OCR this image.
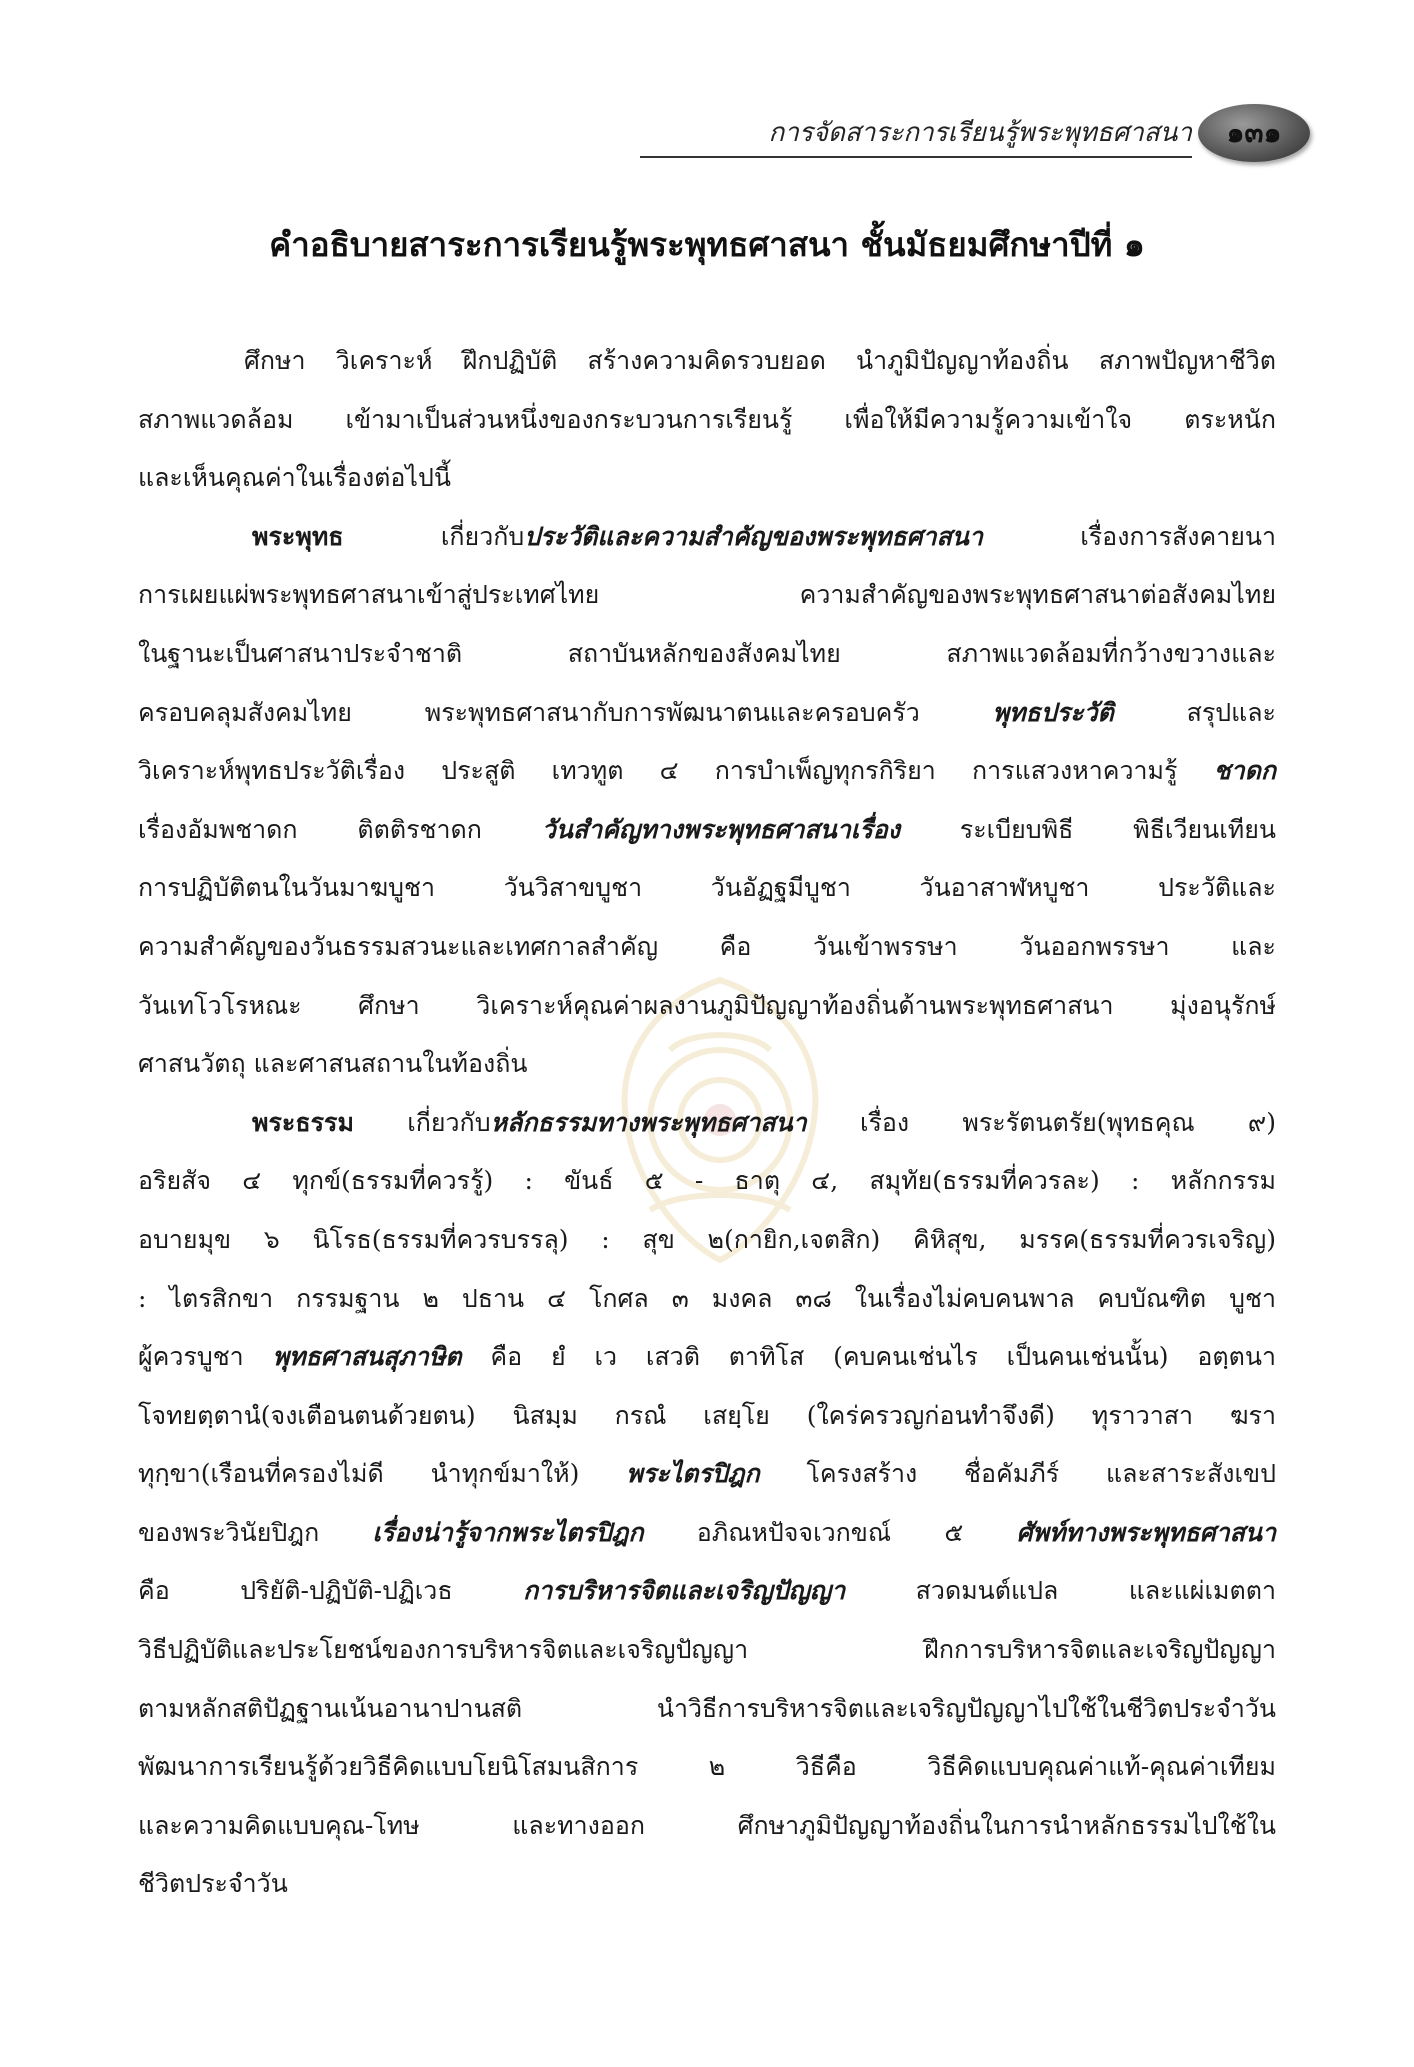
การจัดสาระการเรียนรู้พระพุทธศาสนา	๑๓๑
คำอธิบายสาระการเรียนรู้พระพุทธศาสนา ชั้นมัธยมศึกษาปีที่ ๑
ศึกษา วิเคราะห์ ฝึกปฏิบัติ สร้างความคิดรวบยอด นำภูมิปัญญาท้องถิ่น สภาพปัญหาชีวิต
สภาพแวดล้อม เข้ามาเป็นส่วนหนึ่งของกระบวนการเรียนรู้ เพื่อให้มีความรู้ความเข้าใจ ตระหนัก
และเห็นคุณค่าในเรื่องต่อไปนี้
พระพุทธ เกี่ยวกับประวัติและความสำคัญของพระพุทธศาสนา เรื่องการสังคายนา
การเผยแผ่พระพุทธศาสนาเข้าสู่ประเทศไทย ความสำคัญของพระพุทธศาสนาต่อสังคมไทย
ในฐานะเป็นศาสนาประจำชาติ สถาบันหลักของสังคมไทย สภาพแวดล้อมที่กว้างขวางและ
ครอบคลุมสังคมไทย พระพุทธศาสนากับการพัฒนาตนและครอบครัว พุทธประวัติ สรุปและ
วิเคราะห์พุทธประวัติเรื่อง ประสูติ เทวทูต ๔ การบำเพ็ญทุกรกิริยา การแสวงหาความรู้ ชาดก
เรื่องอัมพชาดก ติตติรชาดก วันสำคัญทางพระพุทธศาสนาเรื่อง ระเบียบพิธี พิธีเวียนเทียน
การปฏิบัติตนในวันมาฆบูชา วันวิสาขบูชา วันอัฏฐมีบูชา วันอาสาฬหบูชา ประวัติและ
ความสำคัญของวันธรรมสวนะและเทศกาลสำคัญ คือ วันเข้าพรรษา วันออกพรรษา และ
วันเทโวโรหณะ ศึกษา วิเคราะห์คุณค่าผลงานภูมิปัญญาท้องถิ่นด้านพระพุทธศาสนา มุ่งอนุรักษ์
ศาสนวัตถุ และศาสนสถานในท้องถิ่น
พระธรรม เกี่ยวกับหลักธรรมทางพระพุทธศาสนา เรื่อง พระรัตนตรัย(พุทธคุณ ๙)
อริยสัจ ๔ ทุกข์(ธรรมที่ควรรู้) : ขันธ์ ๕ - ธาตุ ๔, สมุทัย(ธรรมที่ควรละ) : หลักกรรม
อบายมุข ๖ นิโรธ(ธรรมที่ควรบรรลุ) : สุข ๒(กายิก,เจตสิก) คิหิสุข, มรรค(ธรรมที่ควรเจริญ)
: ไตรสิกขา กรรมฐาน ๒ ปธาน ๔ โกศล ๓ มงคล ๓๘ ในเรื่องไม่คบคนพาล คบบัณฑิต บูชา
ผู้ควรบูชา พุทธศาสนสุภาษิต คือ ยํ เว เสวติ ตาทิโส (คบคนเช่นไร เป็นคนเช่นนั้น) อตฺตนา
โจทยตฺตานํ(จงเตือนตนด้วยตน) นิสมฺม กรณํ เสยฺโย (ใคร่ครวญก่อนทำจึงดี) ทุราวาสา ฆรา
ทุกฺขา(เรือนที่ครองไม่ดี นำทุกข์มาให้) พระไตรปิฎก โครงสร้าง ชื่อคัมภีร์ และสาระสังเขป
ของพระวินัยปิฎก เรื่องน่ารู้จากพระไตรปิฎก อภิณหปัจจเวกขณ์ ๕ ศัพท์ทางพระพุทธศาสนา
คือ ปริยัติ-ปฏิบัติ-ปฏิเวธ การบริหารจิตและเจริญปัญญา สวดมนต์แปล และแผ่เมตตา
วิธีปฏิบัติและประโยชน์ของการบริหารจิตและเจริญปัญญา ฝึกการบริหารจิตและเจริญปัญญา
ตามหลักสติปัฏฐานเน้นอานาปานสติ นำวิธีการบริหารจิตและเจริญปัญญาไปใช้ในชีวิตประจำวัน
พัฒนาการเรียนรู้ด้วยวิธีคิดแบบโยนิโสมนสิการ ๒ วิธีคือ วิธีคิดแบบคุณค่าแท้-คุณค่าเทียม
และความคิดแบบคุณ-โทษ และทางออก ศึกษาภูมิปัญญาท้องถิ่นในการนำหลักธรรมไปใช้ใน
ชีวิตประจำวัน
